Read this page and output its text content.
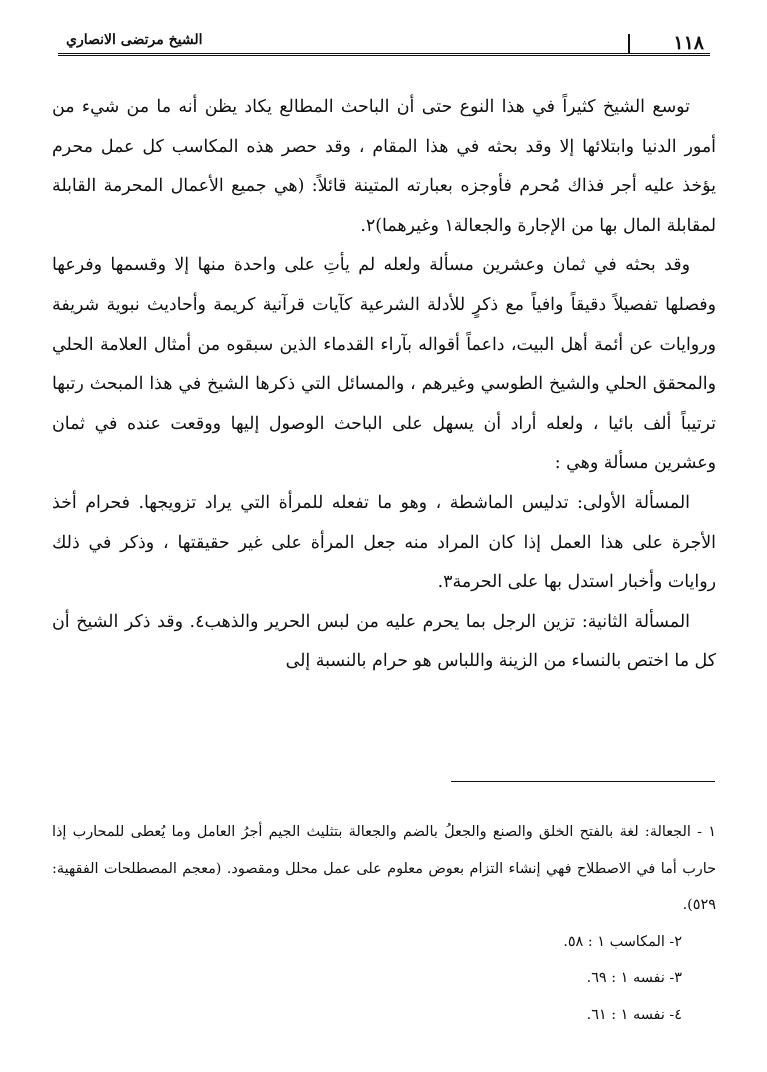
١١٨
الشيخ مرتضى الانصاري

توسع الشيخ كثيراً في هذا النوع حتى أن الباحث المطالع يكاد يظن أنه ما من شيء من أمور الدنيا وابتلائها إلا وقد بحثه في هذا المقام ، وقد حصر هذه المكاسب كل عمل محرم يؤخذ عليه أجر فذاك مُحرم فأوجزه بعبارته المتينة قائلاً: (هي جميع الأعمال المحرمة القابلة لمقابلة المال بها من الإجارة والجعالة١ وغيرهما)٢.

وقد بحثه في ثمان وعشرين مسألة ولعله لم يأتِ على واحدة منها إلا وقسمها وفرعها وفصلها تفصيلاً دقيقاً وافياً مع ذكرٍ للأدلة الشرعية كآيات قرآنية كريمة وأحاديث نبوية شريفة وروايات عن أئمة أهل البيت، داعماً أقواله بآراء القدماء الذين سبقوه من أمثال العلامة الحلي والمحقق الحلي والشيخ الطوسي وغيرهم ، والمسائل التي ذكرها الشيخ في هذا المبحث رتبها ترتيباً ألف بائيا ، ولعله أراد أن يسهل على الباحث الوصول إليها ووقعت عنده في ثمان وعشرين مسألة وهي :

المسألة الأولى: تدليس الماشطة ، وهو ما تفعله للمرأة التي يراد تزويجها. فحرام أخذ الأجرة على هذا العمل إذا كان المراد منه جعل المرأة على غير حقيقتها ، وذكر في ذلك روايات وأخبار استدل بها على الحرمة٣.

المسألة الثانية: تزين الرجل بما يحرم عليه من لبس الحرير والذهب٤. وقد ذكر الشيخ أن كل ما اختص بالنساء من الزينة واللباس هو حرام بالنسبة إلى

١ - الجعالة: لغة بالفتح الخلق والصنع والجعلُ بالضم والجعالة بتثليث الجيم أجرُ العامل وما يُعطى للمحارب إذا حارب أما في الاصطلاح فهي إنشاء التزام بعوض معلوم على عمل محلل ومقصود. (معجم المصطلحات الفقهية: ٥٢٩).

٢- المكاسب ١ : ٥٨.

٣- نفسه ١ : ٦٩.

٤- نفسه ١ : ٦١.
